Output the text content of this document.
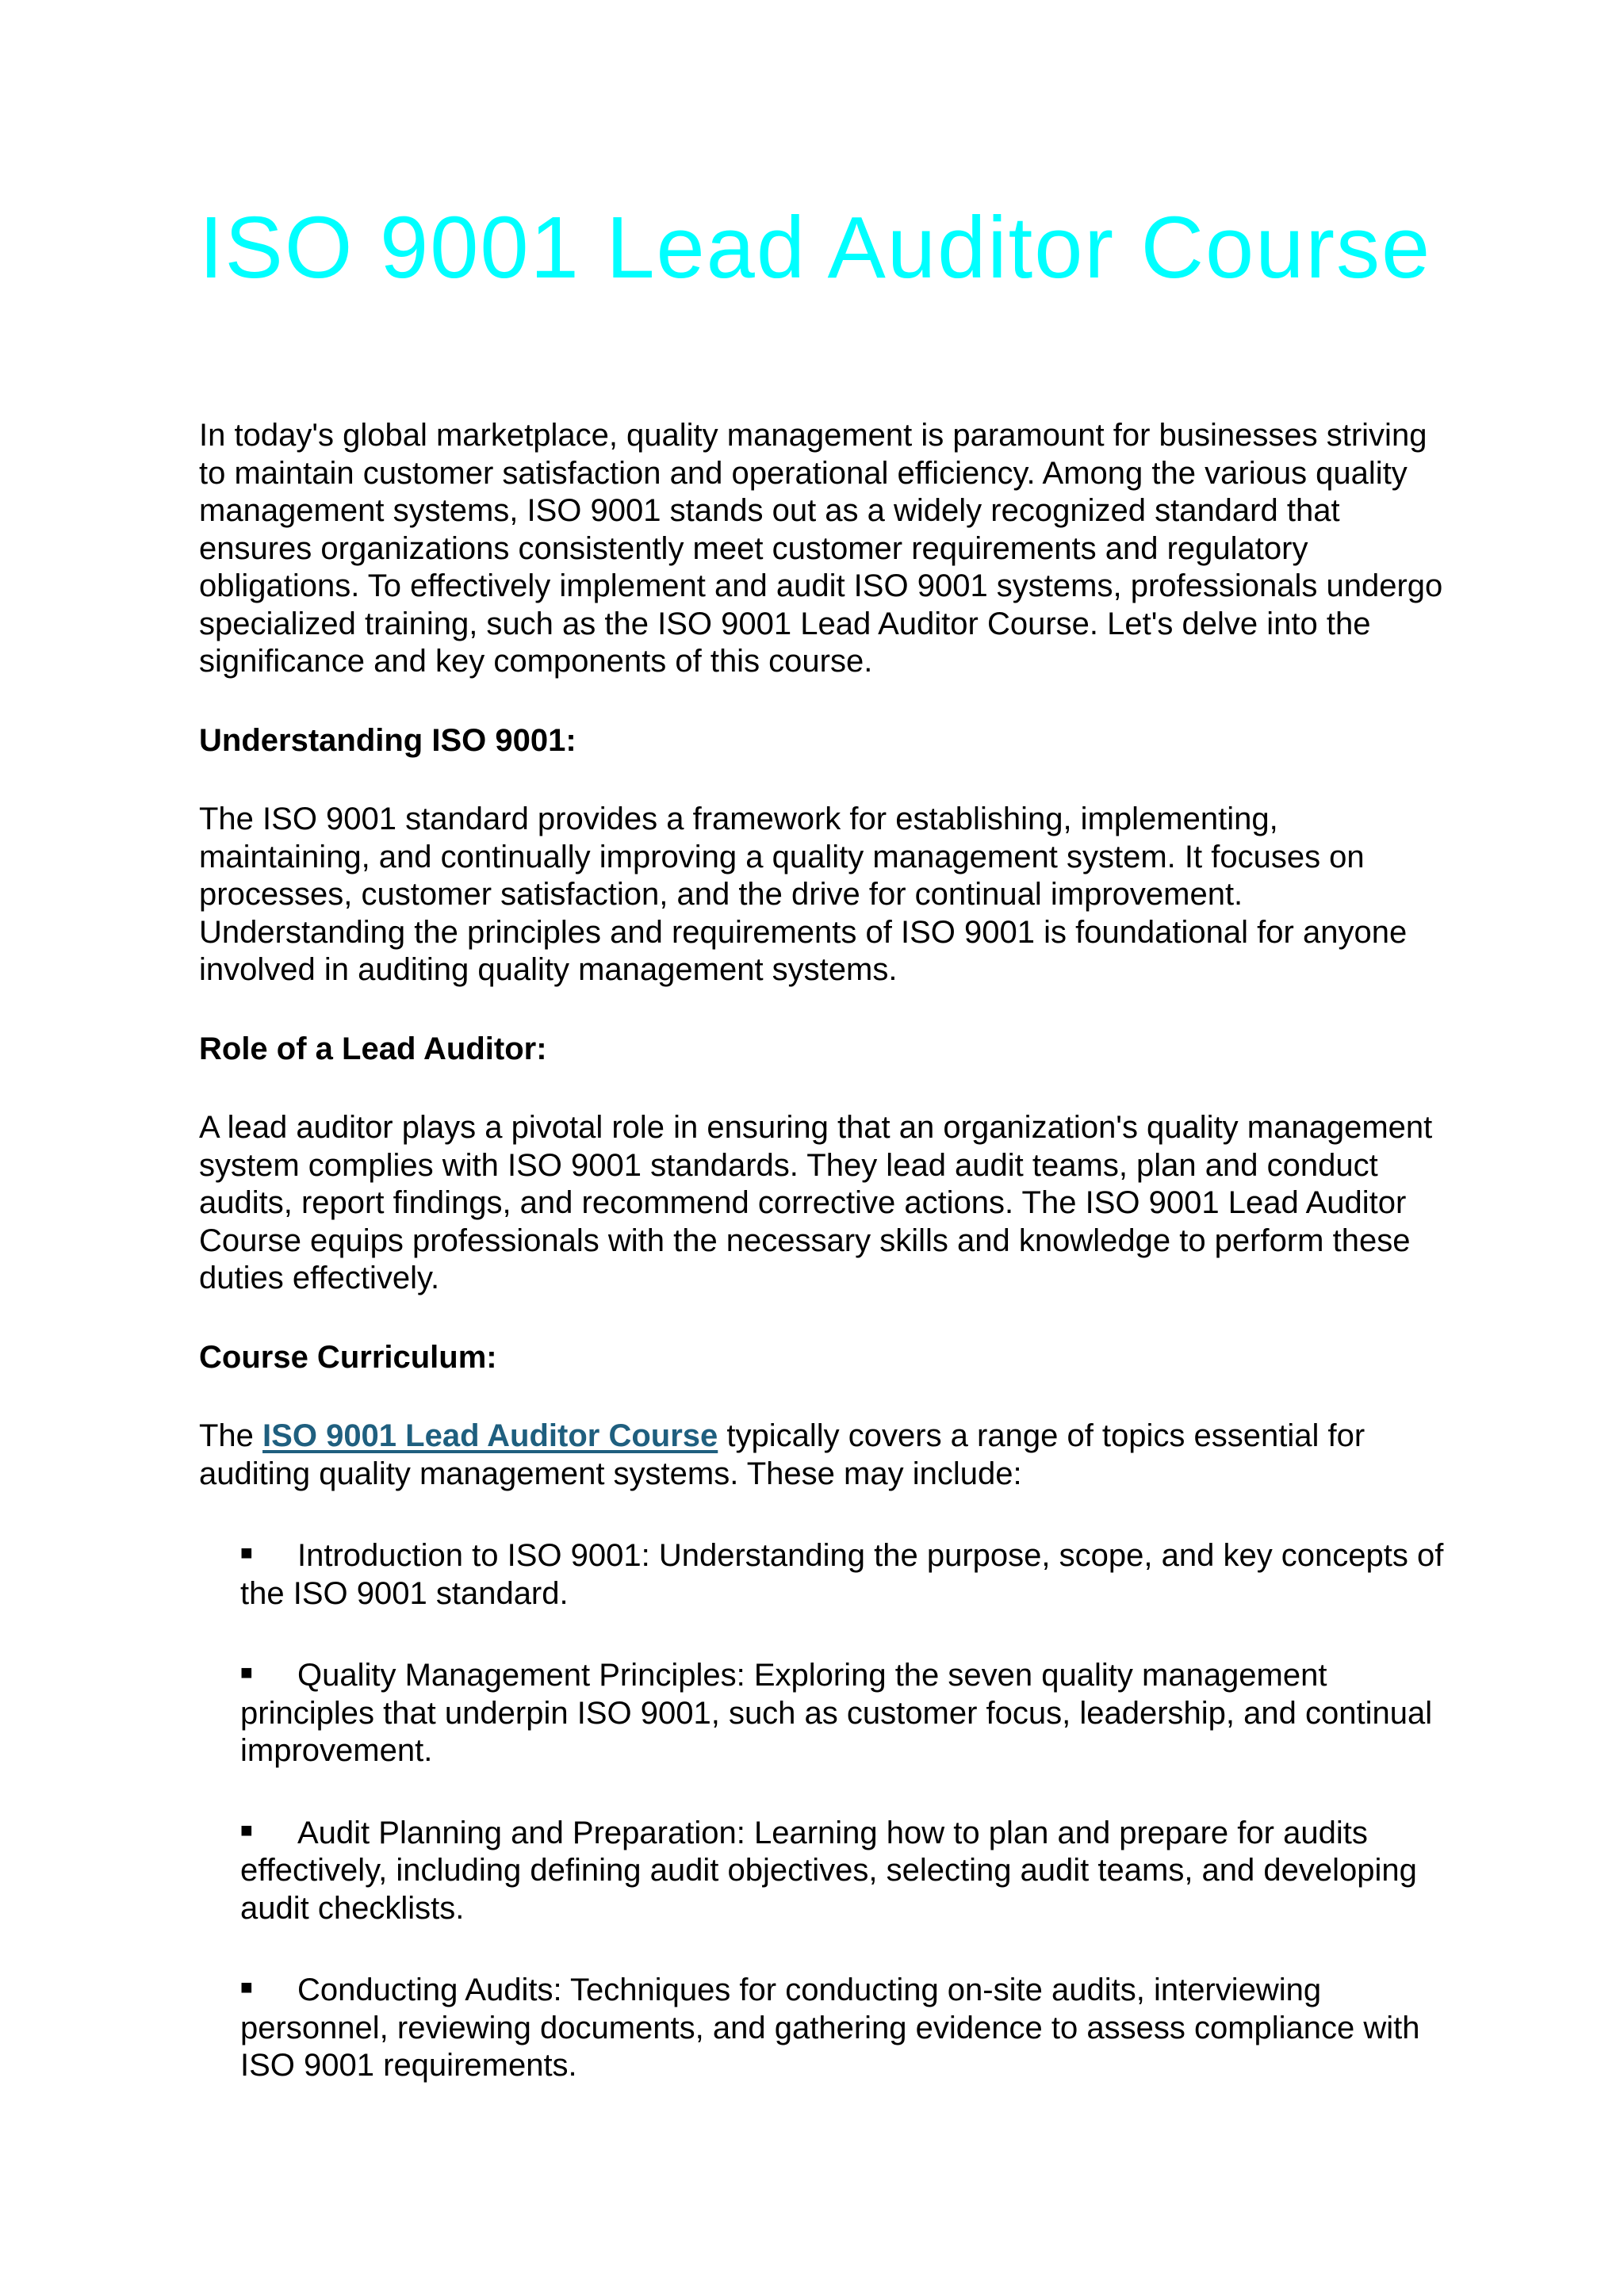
ISO 9001 Lead Auditor Course

In today's global marketplace, quality management is paramount for businesses striving to maintain customer satisfaction and operational efficiency. Among the various quality management systems, ISO 9001 stands out as a widely recognized standard that ensures organizations consistently meet customer requirements and regulatory obligations. To effectively implement and audit ISO 9001 systems, professionals undergo specialized training, such as the ISO 9001 Lead Auditor Course. Let's delve into the significance and key components of this course.

Understanding ISO 9001:

The ISO 9001 standard provides a framework for establishing, implementing, maintaining, and continually improving a quality management system. It focuses on processes, customer satisfaction, and the drive for continual improvement. Understanding the principles and requirements of ISO 9001 is foundational for anyone involved in auditing quality management systems.

Role of a Lead Auditor:

A lead auditor plays a pivotal role in ensuring that an organization's quality management system complies with ISO 9001 standards. They lead audit teams, plan and conduct audits, report findings, and recommend corrective actions. The ISO 9001 Lead Auditor Course equips professionals with the necessary skills and knowledge to perform these duties effectively.

Course Curriculum:

The ISO 9001 Lead Auditor Course typically covers a range of topics essential for auditing quality management systems. These may include:

■ Introduction to ISO 9001: Understanding the purpose, scope, and key concepts of the ISO 9001 standard.
■ Quality Management Principles: Exploring the seven quality management principles that underpin ISO 9001, such as customer focus, leadership, and continual improvement.
■ Audit Planning and Preparation: Learning how to plan and prepare for audits effectively, including defining audit objectives, selecting audit teams, and developing audit checklists.
■ Conducting Audits: Techniques for conducting on-site audits, interviewing personnel, reviewing documents, and gathering evidence to assess compliance with ISO 9001 requirements.
